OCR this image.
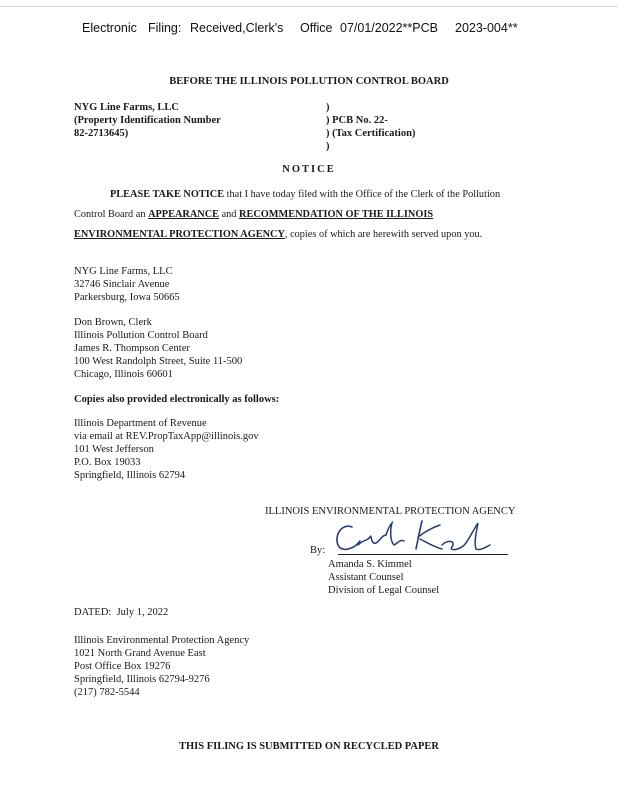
Electronic Filing: Received,Clerk's Office 07/01/2022**PCB 2023-004**
BEFORE THE ILLINOIS POLLUTION CONTROL BOARD
NYG Line Farms, LLC
(Property Identification Number
82-2713645)
)
) PCB No. 22-
) (Tax Certification)
)
NOTICE
PLEASE TAKE NOTICE that I have today filed with the Office of the Clerk of the Pollution
Control Board an APPEARANCE and RECOMMENDATION OF THE ILLINOIS
ENVIRONMENTAL PROTECTION AGENCY, copies of which are herewith served upon you.
NYG Line Farms, LLC
32746 Sinclair Avenue
Parkersburg, Iowa 50665
Don Brown, Clerk
Illinois Pollution Control Board
James R. Thompson Center
100 West Randolph Street, Suite 11-500
Chicago, Illinois 60601
Copies also provided electronically as follows:
Illinois Department of Revenue
via email at REV.PropTaxApp@illinois.gov
101 West Jefferson
P.O. Box 19033
Springfield, Illinois 62794
ILLINOIS ENVIRONMENTAL PROTECTION AGENCY
By:
Amanda S. Kimmel
Assistant Counsel
Division of Legal Counsel
DATED:  July 1, 2022
Illinois Environmental Protection Agency
1021 North Grand Avenue East
Post Office Box 19276
Springfield, Illinois 62794-9276
(217) 782-5544
THIS FILING IS SUBMITTED ON RECYCLED PAPER
